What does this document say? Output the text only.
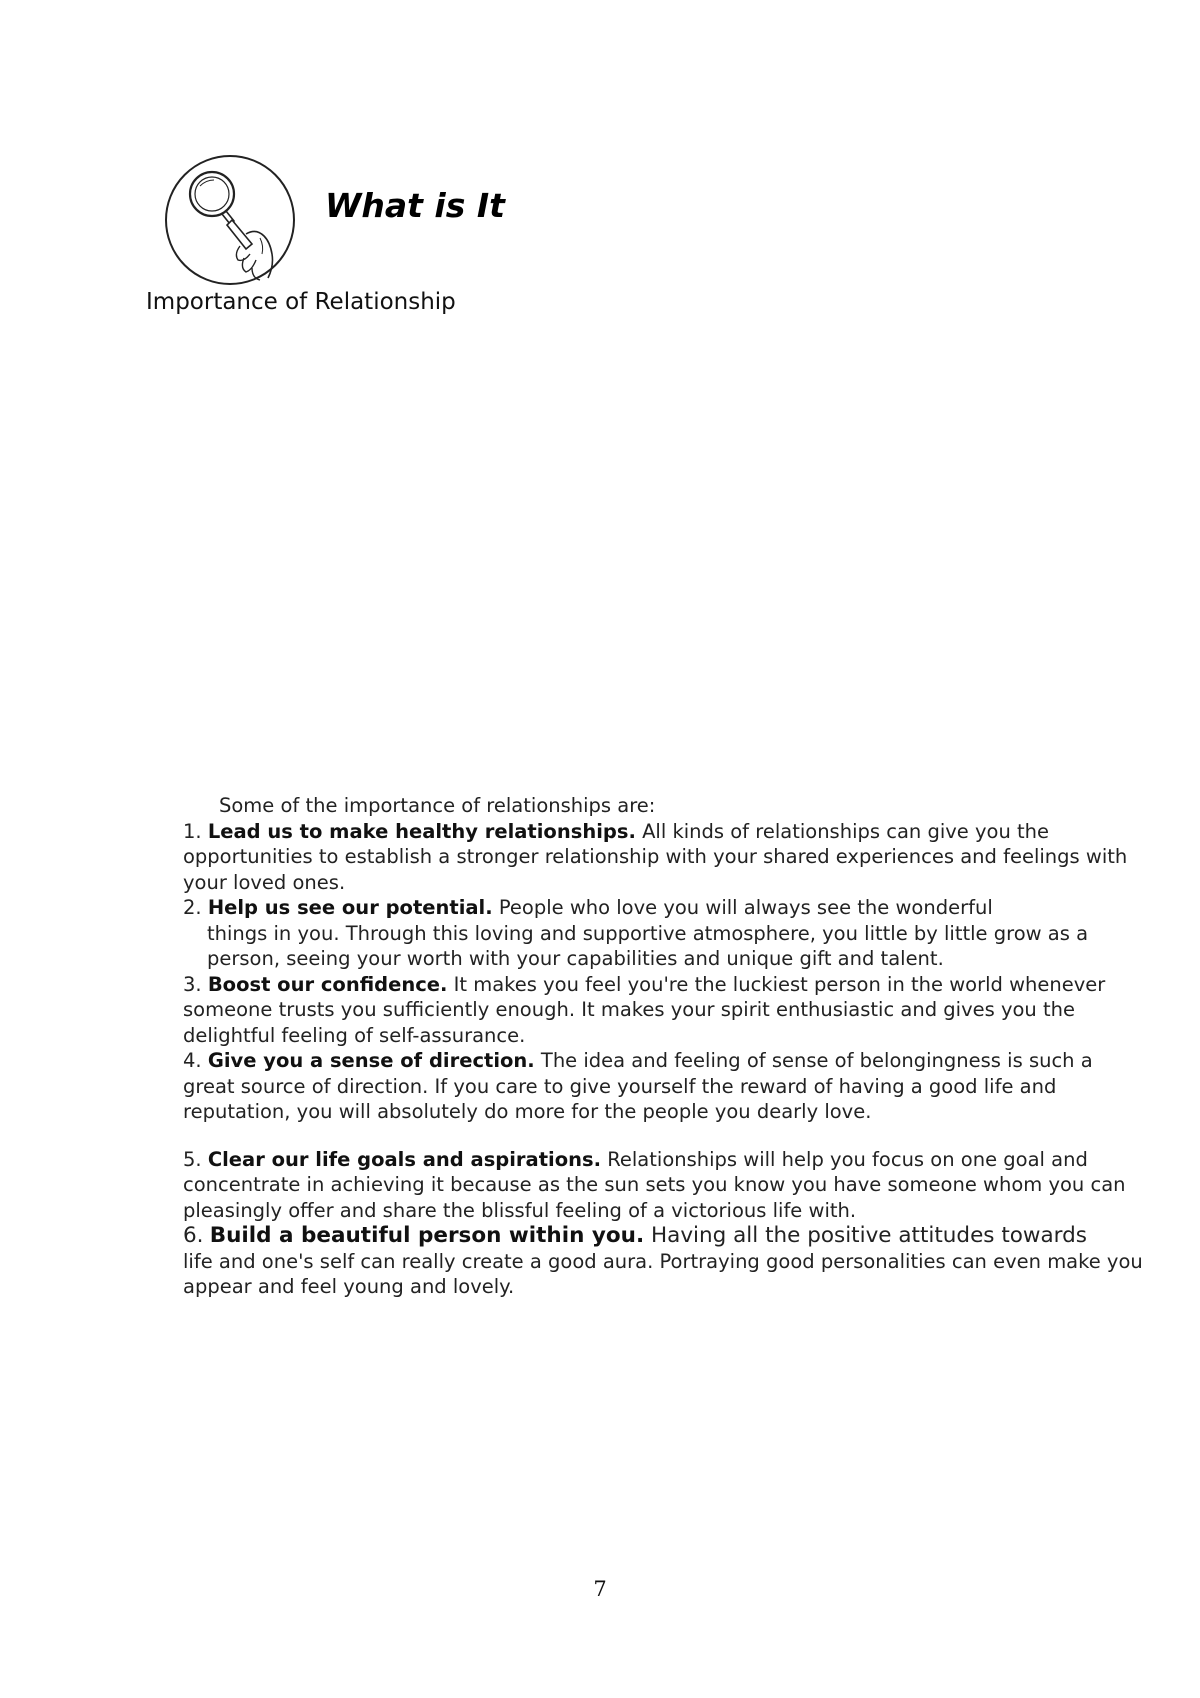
What is It
Importance of Relationship
Some of the importance of relationships are:

1. Lead us to make healthy relationships. All kinds of relationships can give you the opportunities to establish a stronger relationship with your shared experiences and feelings with your loved ones.

2. Help us see our potential. People who love you will always see the wonderful
things in you. Through this loving and supportive atmosphere, you little by little grow as a person, seeing your worth with your capabilities and unique gift and talent.

3. Boost our confidence. It makes you feel you're the luckiest person in the world whenever someone trusts you sufficiently enough. It makes your spirit enthusiastic and gives you the delightful feeling of self-assurance.

4. Give you a sense of direction. The idea and feeling of sense of belongingness is such a great source of direction. If you care to give yourself the reward of having a good life and reputation, you will absolutely do more for the people you dearly love.

5. Clear our life goals and aspirations. Relationships will help you focus on one goal and concentrate in achieving it because as the sun sets you know you have someone whom you can pleasingly offer and share the blissful feeling of a victorious life with.

6. Build a beautiful person within you. Having all the positive attitudes towards
life and one's self can really create a good aura. Portraying good personalities can even make you appear and feel young and lovely.

7
